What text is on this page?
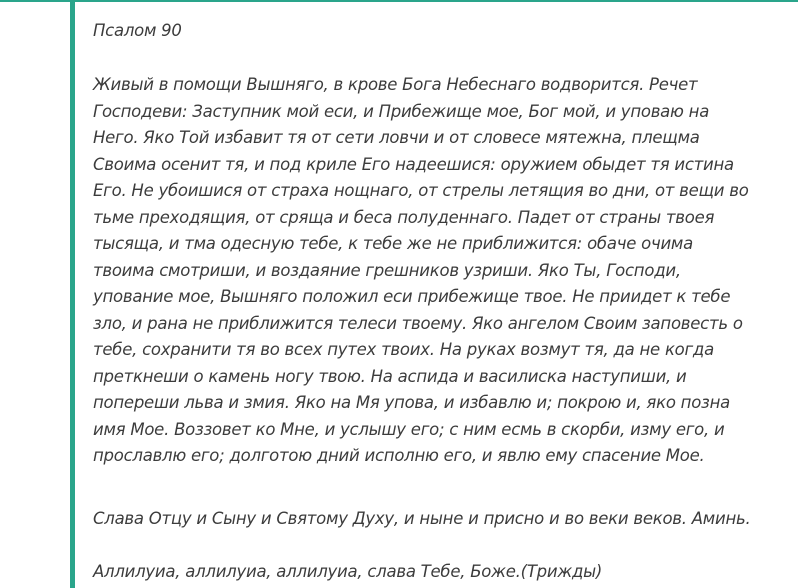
Псалом 90

Живый в помощи Вышняго, в крове Бога Небеснаго водворится. Речет Господеви: Заступник мой еси, и Прибежище мое, Бог мой, и уповаю на Него. Яко Той избавит тя от сети ловчи и от словесе мятежна, плещма Своима осенит тя, и под криле Его надеешися: оружием обыдет тя истина Его. Не убоишися от страха нощнаго, от стрелы летящия во дни, от вещи во тьме преходящия, от сряща и беса полуденнаго. Падет от страны твоея тысяща, и тма одесную тебе, к тебе же не приближится: обаче очима твоима смотриши, и воздаяние грешников узриши. Яко Ты, Господи, упование мое, Вышняго положил еси прибежище твое. Не приидет к тебе зло, и рана не приближится телеси твоему. Яко ангелом Своим заповесть о тебе, сохранити тя во всех путех твоих. На руках возмут тя, да не когда преткнеши о камень ногу твою. На аспида и василиска наступиши, и попереши льва и змия. Яко на Мя упова, и избавлю и; покрою и, яко позна имя Мое. Воззовет ко Мне, и услышу его; с ним есмь в скорби, изму его, и прославлю его; долготою дний исполню его, и явлю ему спасение Мое.

Слава Отцу и Сыну и Святому Духу, и ныне и присно и во веки веков. Аминь.

Аллилуиа, аллилуиа, аллилуиа, слава Тебе, Боже.(Трижды)
